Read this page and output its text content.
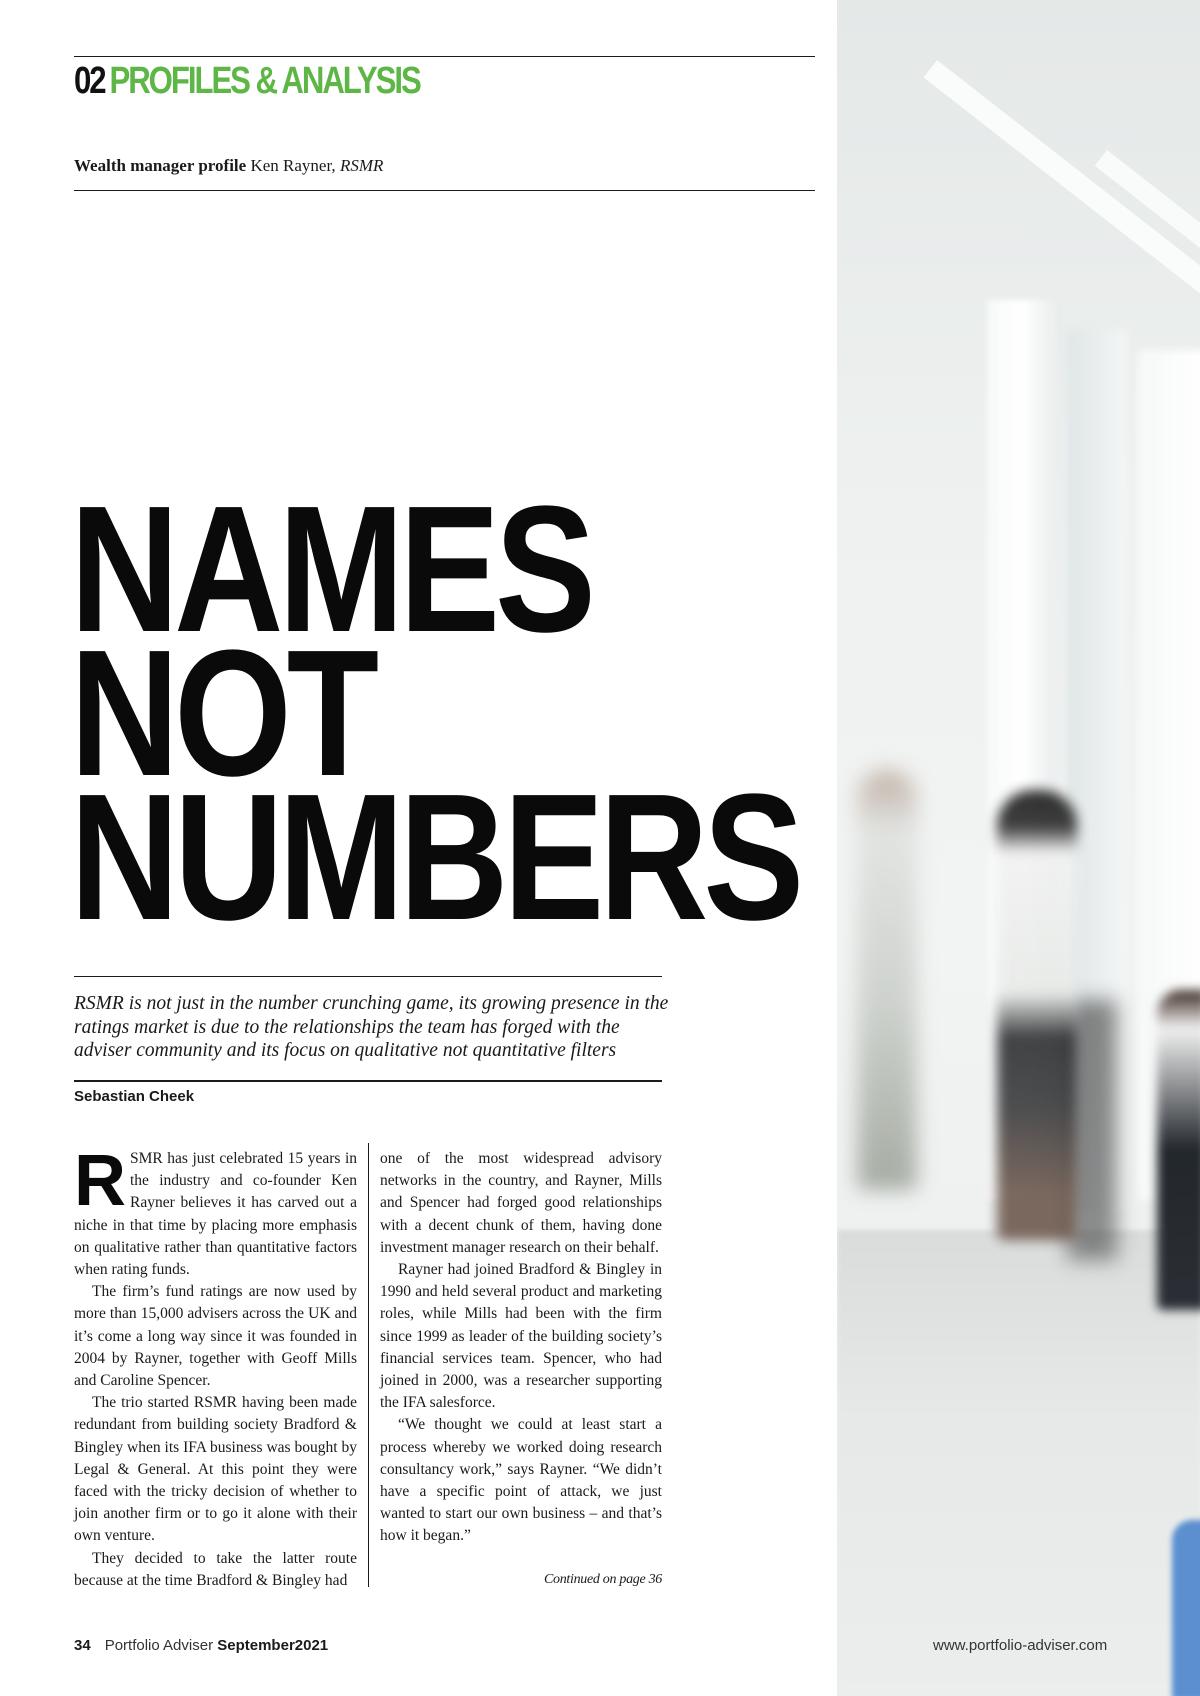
02 PROFILES & ANALYSIS
Wealth manager profile Ken Rayner, RSMR
NAMES
NOT
NUMBERS
RSMR is not just in the number crunching game, its growing presence in the ratings market is due to the relationships the team has forged with the adviser community and its focus on qualitative not quantitative filters
Sebastian Cheek

RSMR has just celebrated 15 years in the industry and co-founder Ken Rayner believes it has carved out a niche in that time by placing more emphasis on qualitative rather than quantitative factors when rating funds.

The firm’s fund ratings are now used by more than 15,000 advisers across the UK and it’s come a long way since it was founded in 2004 by Rayner, together with Geoff Mills and Caroline Spencer.

The trio started RSMR having been made redundant from building society Bradford & Bingley when its IFA business was bought by Legal & General. At this point they were faced with the tricky decision of whether to join another firm or to go it alone with their own venture.

They decided to take the latter route because at the time Bradford & Bingley had

one of the most widespread advisory networks in the country, and Rayner, Mills and Spencer had forged good relationships with a decent chunk of them, having done investment manager research on their behalf.

Rayner had joined Bradford & Bingley in 1990 and held several product and marketing roles, while Mills had been with the firm since 1999 as leader of the building society’s financial services team. Spencer, who had joined in 2000, was a researcher supporting the IFA salesforce.

“We thought we could at least start a process whereby we worked doing research consultancy work,” says Rayner. “We didn’t have a specific point of attack, we just wanted to start our own business – and that’s how it began.”

Continued on page 36
34 Portfolio Adviser September2021	www.portfolio-adviser.com
